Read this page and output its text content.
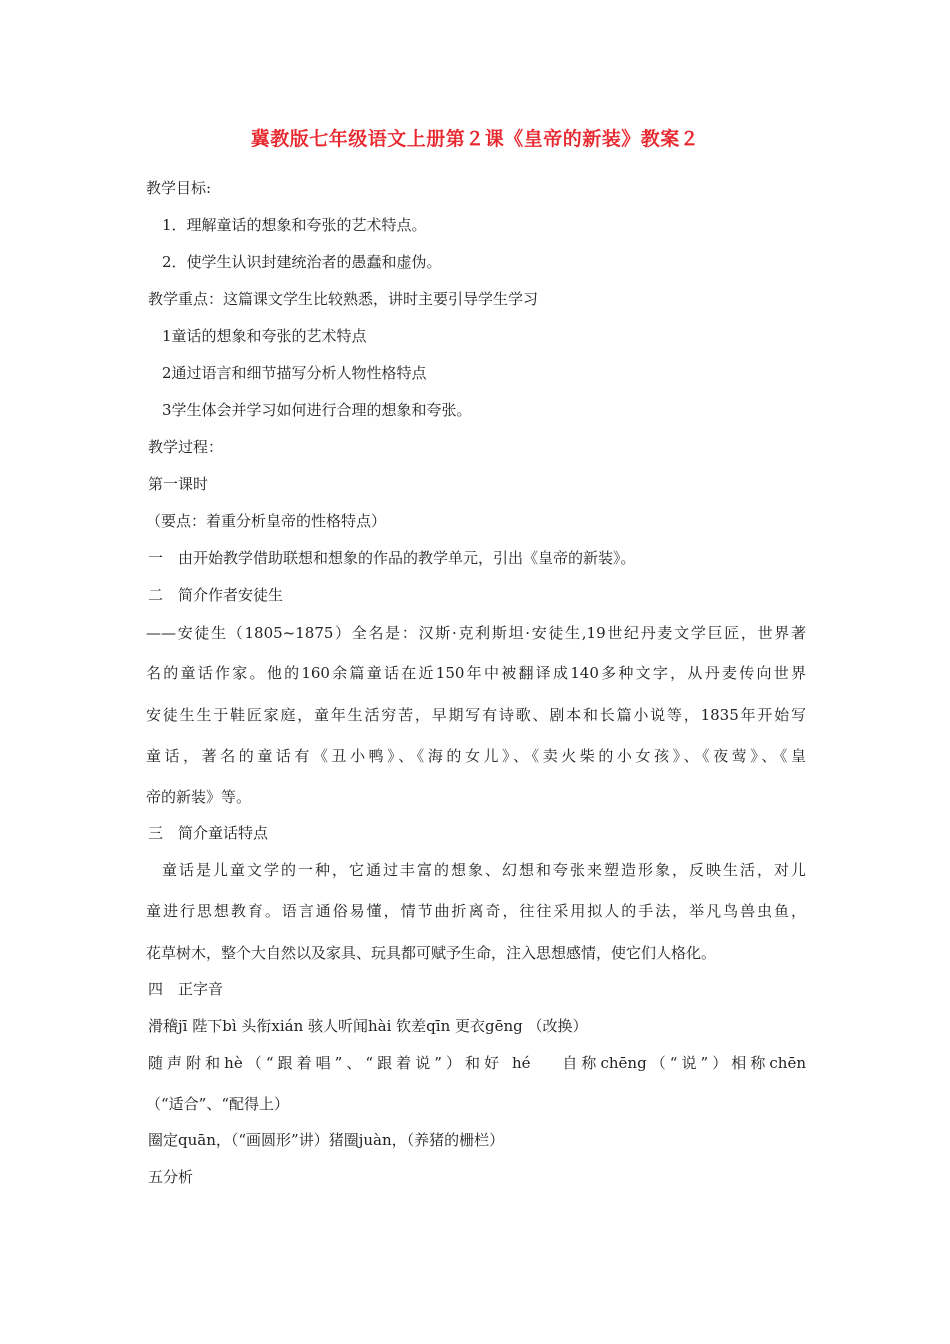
冀教版七年级语文上册第２课《皇帝的新装》教案２
教学目标:
1．理解童话的想象和夸张的艺术特点。
2．使学生认识封建统治者的愚蠢和虚伪。
教学重点：这篇课文学生比较熟悉，讲时主要引导学生学习
1童话的想象和夸张的艺术特点
2通过语言和细节描写分析人物性格特点
3学生体会并学习如何进行合理的想象和夸张。
教学过程：
第一课时
（要点：着重分析皇帝的性格特点）
一　由开始教学借助联想和想象的作品的教学单元，引出《皇帝的新装》。
二　简介作者安徒生
——安徒生（1805~1875）全名是：汉斯·克利斯坦·安徒生,19世纪丹麦文学巨匠，世界著
名的童话作家。他的160余篇童话在近150年中被翻译成140多种文字，从丹麦传向世界
安徒生生于鞋匠家庭，童年生活穷苦，早期写有诗歌、剧本和长篇小说等，1835年开始写
童话，著名的童话有《丑小鸭》、《海的女儿》、《卖火柴的小女孩》、《夜莺》、《皇
帝的新装》等。
三　简介童话特点
童话是儿童文学的一种，它通过丰富的想象、幻想和夸张来塑造形象，反映生活，对儿
童进行思想教育。语言通俗易懂，情节曲折离奇，往往采用拟人的手法，举凡鸟兽虫鱼，
花草树木，整个大自然以及家具、玩具都可赋予生命，注入思想感情，使它们人格化。
四　正字音
滑稽jī 陛下bì 头衔xián 骇人听闻hài 钦差qīn 更衣gēng （改换）
随声附和hè（“跟着唱”、“跟着说”）和好 hé　 自称chēng（“说”）相称chēn
（“适合”、“配得上）
圈定quān，（“画圆形”讲）猪圈juàn，（养猪的栅栏）
五分析
